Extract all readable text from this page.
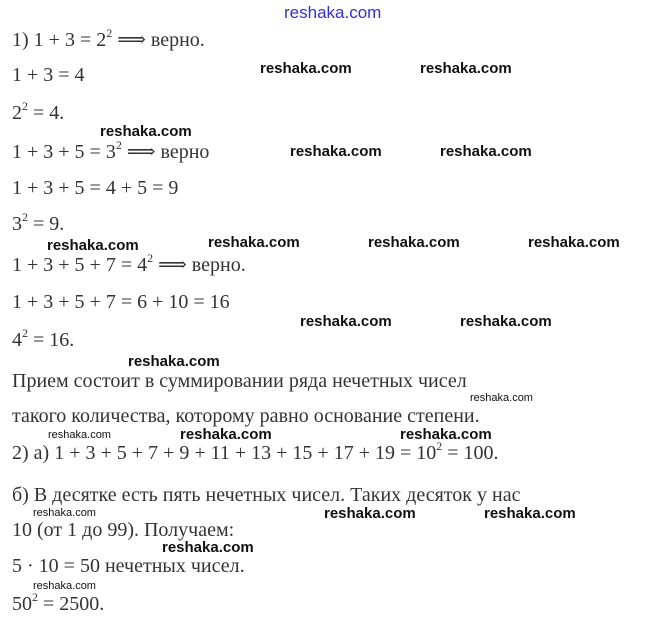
1) $1 + 3 = 2^2$ ⟹ верно.
1 + 3 = 4
$2^2 = 4$.
$1 + 3 + 5 = 3^2$ ⟹ верно
1 + 3 + 5 = 4 + 5 = 9
$3^2 = 9$.
$1 + 3 + 5 + 7 = 4^2$ ⟹ верно.
1 + 3 + 5 + 7 = 6 + 10 = 16
$4^2 = 16$.
Прием состоит в суммировании ряда нечетных чисел
такого количества, которому равно основание степени.
2) а) $1 + 3 + 5 + 7 + 9 + 11 + 13 + 15 + 17 + 19 = 10^2 = 100$.
б) В десятке есть пять нечетных чисел. Таких десяток у нас
10 (от 1 до 99). Получаем:
5 · 10 = 50 нечетных чисел.
$50^2 = 2500$.
reshaka.com
reshaka.com	reshaka.com
reshaka.com
reshaka.com	reshaka.com
reshaka.com	reshaka.com	reshaka.com	reshaka.com
reshaka.com	reshaka.com
reshaka.com
reshaka.com
reshaka.com	reshaka.com
reshaka.com
reshaka.com	reshaka.com	reshaka.com
reshaka.com
reshaka.com
